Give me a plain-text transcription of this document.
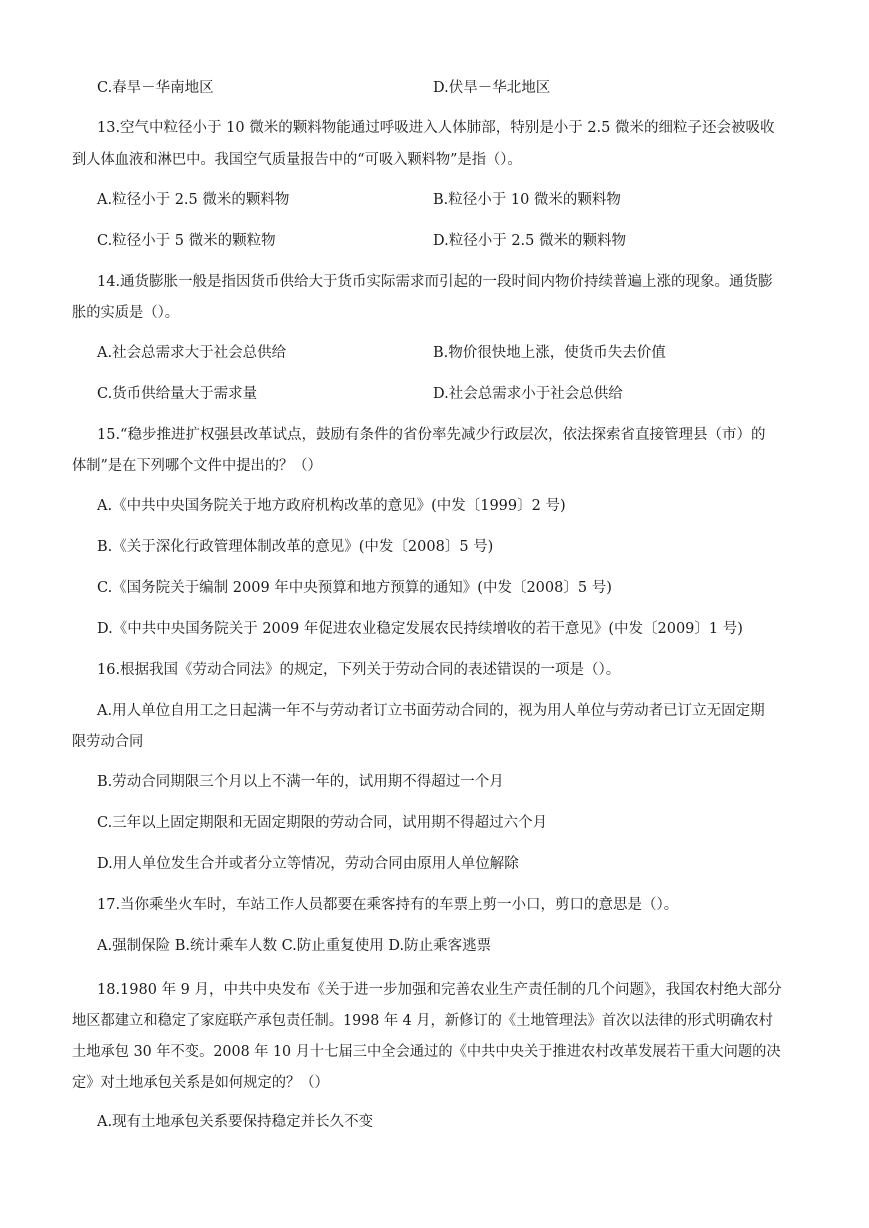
C.春旱－华南地区	D.伏旱－华北地区
13.空气中粒径小于 10 微米的颗料物能通过呼吸进入人体肺部，特别是小于 2.5 微米的细粒子还会被吸收
到人体血液和淋巴中。我国空气质量报告中的“可吸入颗料物”是指（）。
A.粒径小于 2.5 微米的颗料物	B.粒径小于 10 微米的颗料物
C.粒径小于 5 微米的颗粒物	D.粒径小于 2.5 微米的颗料物
14.通货膨胀一般是指因货币供给大于货币实际需求而引起的一段时间内物价持续普遍上涨的现象。通货膨
胀的实质是（）。
A.社会总需求大于社会总供给	B.物价很快地上涨，使货币失去价值
C.货币供给量大于需求量	D.社会总需求小于社会总供给
15.“稳步推进扩权强县改革试点，鼓励有条件的省份率先减少行政层次，依法探索省直接管理县（市）的
体制”是在下列哪个文件中提出的？（）
A.《中共中央国务院关于地方政府机构改革的意见》(中发〔1999〕2 号)
B.《关于深化行政管理体制改革的意见》(中发〔2008〕5 号)
C.《国务院关于编制 2009 年中央预算和地方预算的通知》(中发〔2008〕5 号)
D.《中共中央国务院关于 2009 年促进农业稳定发展农民持续增收的若干意见》(中发〔2009〕1 号)
16.根据我国《劳动合同法》的规定，下列关于劳动合同的表述错误的一项是（）。
A.用人单位自用工之日起满一年不与劳动者订立书面劳动合同的，视为用人单位与劳动者已订立无固定期
限劳动合同
B.劳动合同期限三个月以上不满一年的，试用期不得超过一个月
C.三年以上固定期限和无固定期限的劳动合同，试用期不得超过六个月
D.用人单位发生合并或者分立等情况，劳动合同由原用人单位解除
17.当你乘坐火车时，车站工作人员都要在乘客持有的车票上剪一小口，剪口的意思是（）。
A.强制保险 B.统计乘车人数 C.防止重复使用 D.防止乘客逃票
18.1980 年 9 月，中共中央发布《关于进一步加强和完善农业生产责任制的几个问题》，我国农村绝大部分
地区都建立和稳定了家庭联产承包责任制。1998 年 4 月，新修订的《土地管理法》首次以法律的形式明确农村
土地承包 30 年不变。2008 年 10 月十七届三中全会通过的《中共中央关于推进农村改革发展若干重大问题的决
定》对土地承包关系是如何规定的？（）
A.现有土地承包关系要保持稳定并长久不变
